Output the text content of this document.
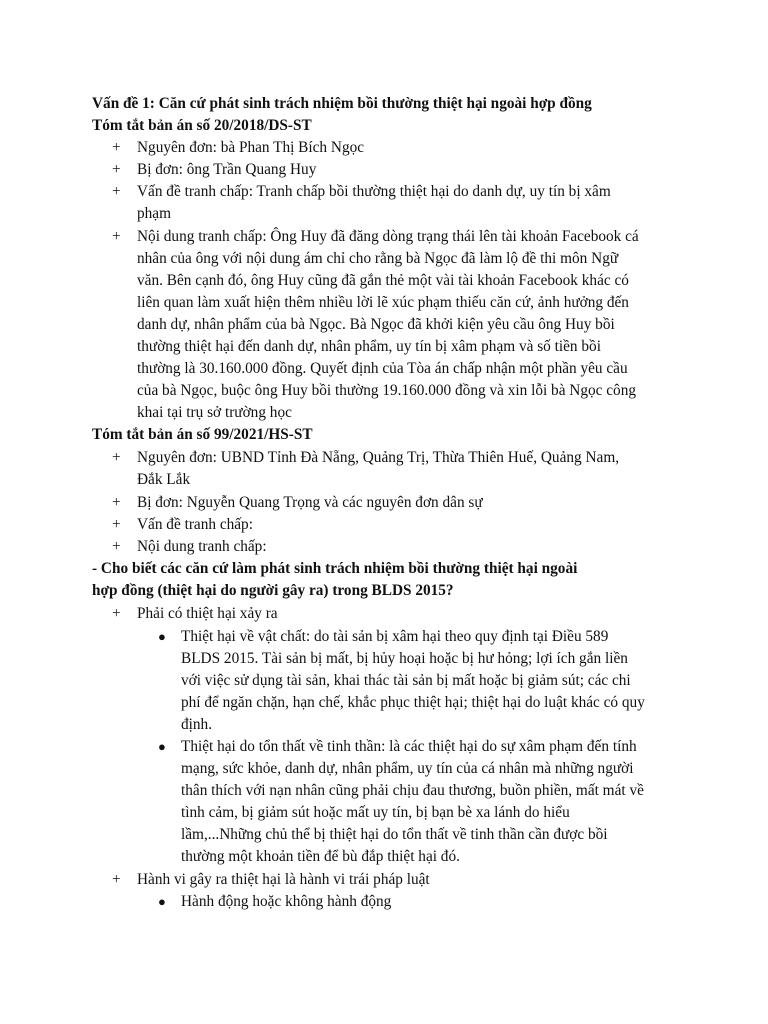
Vấn đề 1: Căn cứ phát sinh trách nhiệm bồi thường thiệt hại ngoài hợp đồng
Tóm tắt bản án số 20/2018/DS-ST
+ Nguyên đơn: bà Phan Thị Bích Ngọc
+ Bị đơn: ông Trần Quang Huy
+ Vấn đề tranh chấp: Tranh chấp bồi thường thiệt hại do danh dự, uy tín bị xâm
phạm
+ Nội dung tranh chấp: Ông Huy đã đăng dòng trạng thái lên tài khoản Facebook cá
nhân của ông với nội dung ám chỉ cho rằng bà Ngọc đã làm lộ đề thi môn Ngữ
văn. Bên cạnh đó, ông Huy cũng đã gắn thẻ một vài tài khoản Facebook khác có
liên quan làm xuất hiện thêm nhiều lời lẽ xúc phạm thiếu căn cứ, ảnh hưởng đến
danh dự, nhân phẩm của bà Ngọc. Bà Ngọc đã khởi kiện yêu cầu ông Huy bồi
thường thiệt hại đến danh dự, nhân phẩm, uy tín bị xâm phạm và số tiền bồi
thường là 30.160.000 đồng. Quyết định của Tòa án chấp nhận một phần yêu cầu
của bà Ngọc, buộc ông Huy bồi thường 19.160.000 đồng và xin lỗi bà Ngọc công
khai tại trụ sở trường học
Tóm tắt bản án số 99/2021/HS-ST
+ Nguyên đơn: UBND Tỉnh Đà Nẵng, Quảng Trị, Thừa Thiên Huế, Quảng Nam,
Đắk Lắk
+ Bị đơn: Nguyễn Quang Trọng và các nguyên đơn dân sự
+ Vấn đề tranh chấp:
+ Nội dung tranh chấp:
- Cho biết các căn cứ làm phát sinh trách nhiệm bồi thường thiệt hại ngoài
hợp đồng (thiệt hại do người gây ra) trong BLDS 2015?
+ Phải có thiệt hại xảy ra
● Thiệt hại về vật chất: do tài sản bị xâm hại theo quy định tại Điều 589
BLDS 2015. Tài sản bị mất, bị hủy hoại hoặc bị hư hỏng; lợi ích gắn liền
với việc sử dụng tài sản, khai thác tài sản bị mất hoặc bị giảm sút; các chi
phí để ngăn chặn, hạn chế, khắc phục thiệt hại; thiệt hại do luật khác có quy
định.
● Thiệt hại do tổn thất về tinh thần: là các thiệt hại do sự xâm phạm đến tính
mạng, sức khỏe, danh dự, nhân phẩm, uy tín của cá nhân mà những người
thân thích với nạn nhân cũng phải chịu đau thương, buồn phiền, mất mát về
tình cảm, bị giảm sút hoặc mất uy tín, bị bạn bè xa lánh do hiểu
lầm,...Những chủ thể bị thiệt hại do tổn thất về tinh thần cần được bồi
thường một khoản tiền để bù đắp thiệt hại đó.
+ Hành vi gây ra thiệt hại là hành vi trái pháp luật
● Hành động hoặc không hành động
